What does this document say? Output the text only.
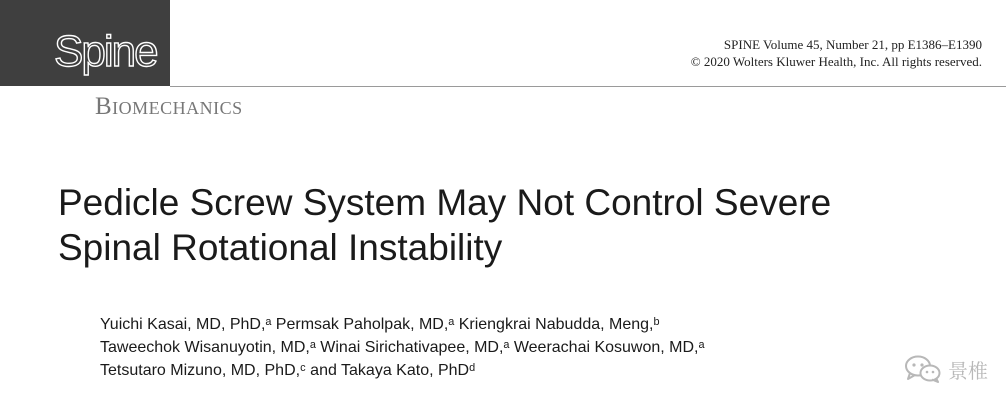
Spine	SPINE Volume 45, Number 21, pp E1386–E1390
© 2020 Wolters Kluwer Health, Inc. All rights reserved.
Biomechanics
Pedicle Screw System May Not Control Severe
Spinal Rotational Instability
Yuichi Kasai, MD, PhD,ᵃ Permsak Paholpak, MD,ᵃ Kriengkrai Nabudda, Meng,ᵇ
Taweechok Wisanuyotin, MD,ᵃ Winai Sirichativapee, MD,ᵃ Weerachai Kosuwon, MD,ᵃ
Tetsutaro Mizuno, MD, PhD,ᶜ and Takaya Kato, PhDᵈ	景椎
